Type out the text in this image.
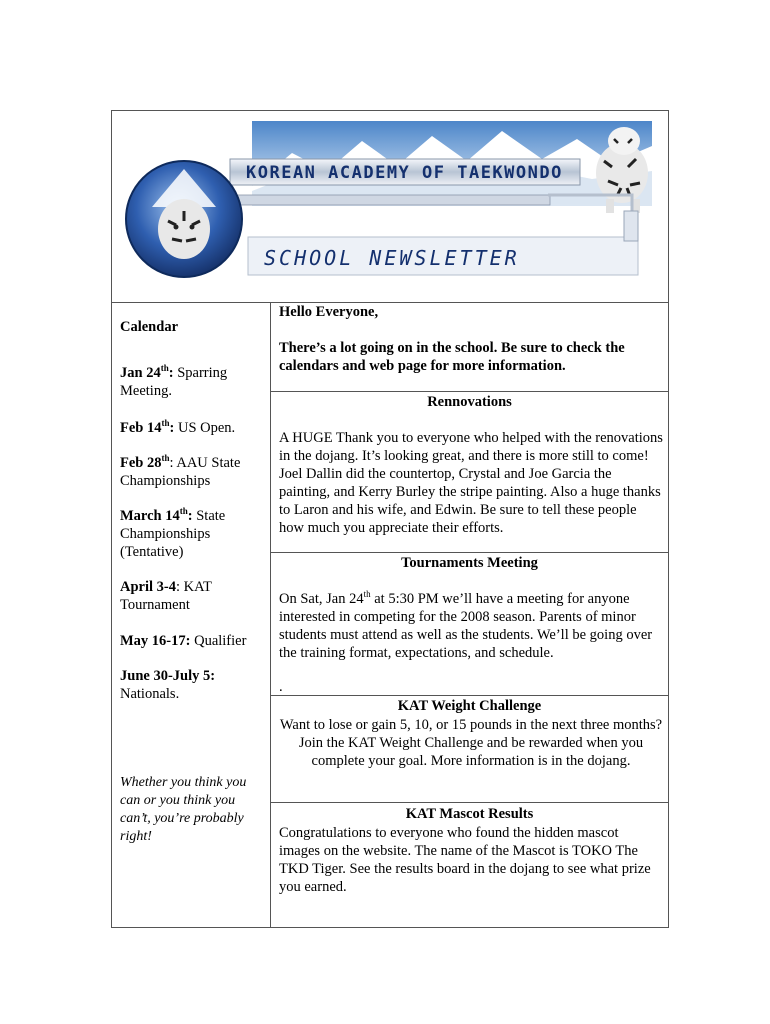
KOREAN ACADEMY OF TAEKWONDO
SCHOOL NEWSLETTER
Calendar
Jan 24th: Sparring Meeting.
Feb 14th: US Open.
Feb 28th: AAU State Championships
March 14th: State Championships (Tentative)
April 3-4: KAT Tournament
May 16-17: Qualifier
June 30-July 5:
Nationals.
Whether you think you can or you think you can’t, you’re probably right!
Hello Everyone,
There’s a lot going on in the school. Be sure to check the calendars and web page for more information.
Rennovations
A HUGE Thank you to everyone who helped with the renovations in the dojang. It’s looking great, and there is more still to come! Joel Dallin did the countertop, Crystal and Joe Garcia the painting, and Kerry Burley the stripe painting. Also a huge thanks to Laron and his wife, and Edwin. Be sure to tell these people how much you appreciate their efforts.
Tournaments Meeting
On Sat, Jan 24th at 5:30 PM we’ll have a meeting for anyone interested in competing for the 2008 season. Parents of minor students must attend as well as the students. We’ll be going over the training format, expectations, and schedule.
.
KAT Weight Challenge
Want to lose or gain 5, 10, or 15 pounds in the next three months? Join the KAT Weight Challenge and be rewarded when you complete your goal. More information is in the dojang.
KAT Mascot Results
Congratulations to everyone who found the hidden mascot images on the website. The name of the Mascot is TOKO The TKD Tiger. See the results board in the dojang to see what prize you earned.
